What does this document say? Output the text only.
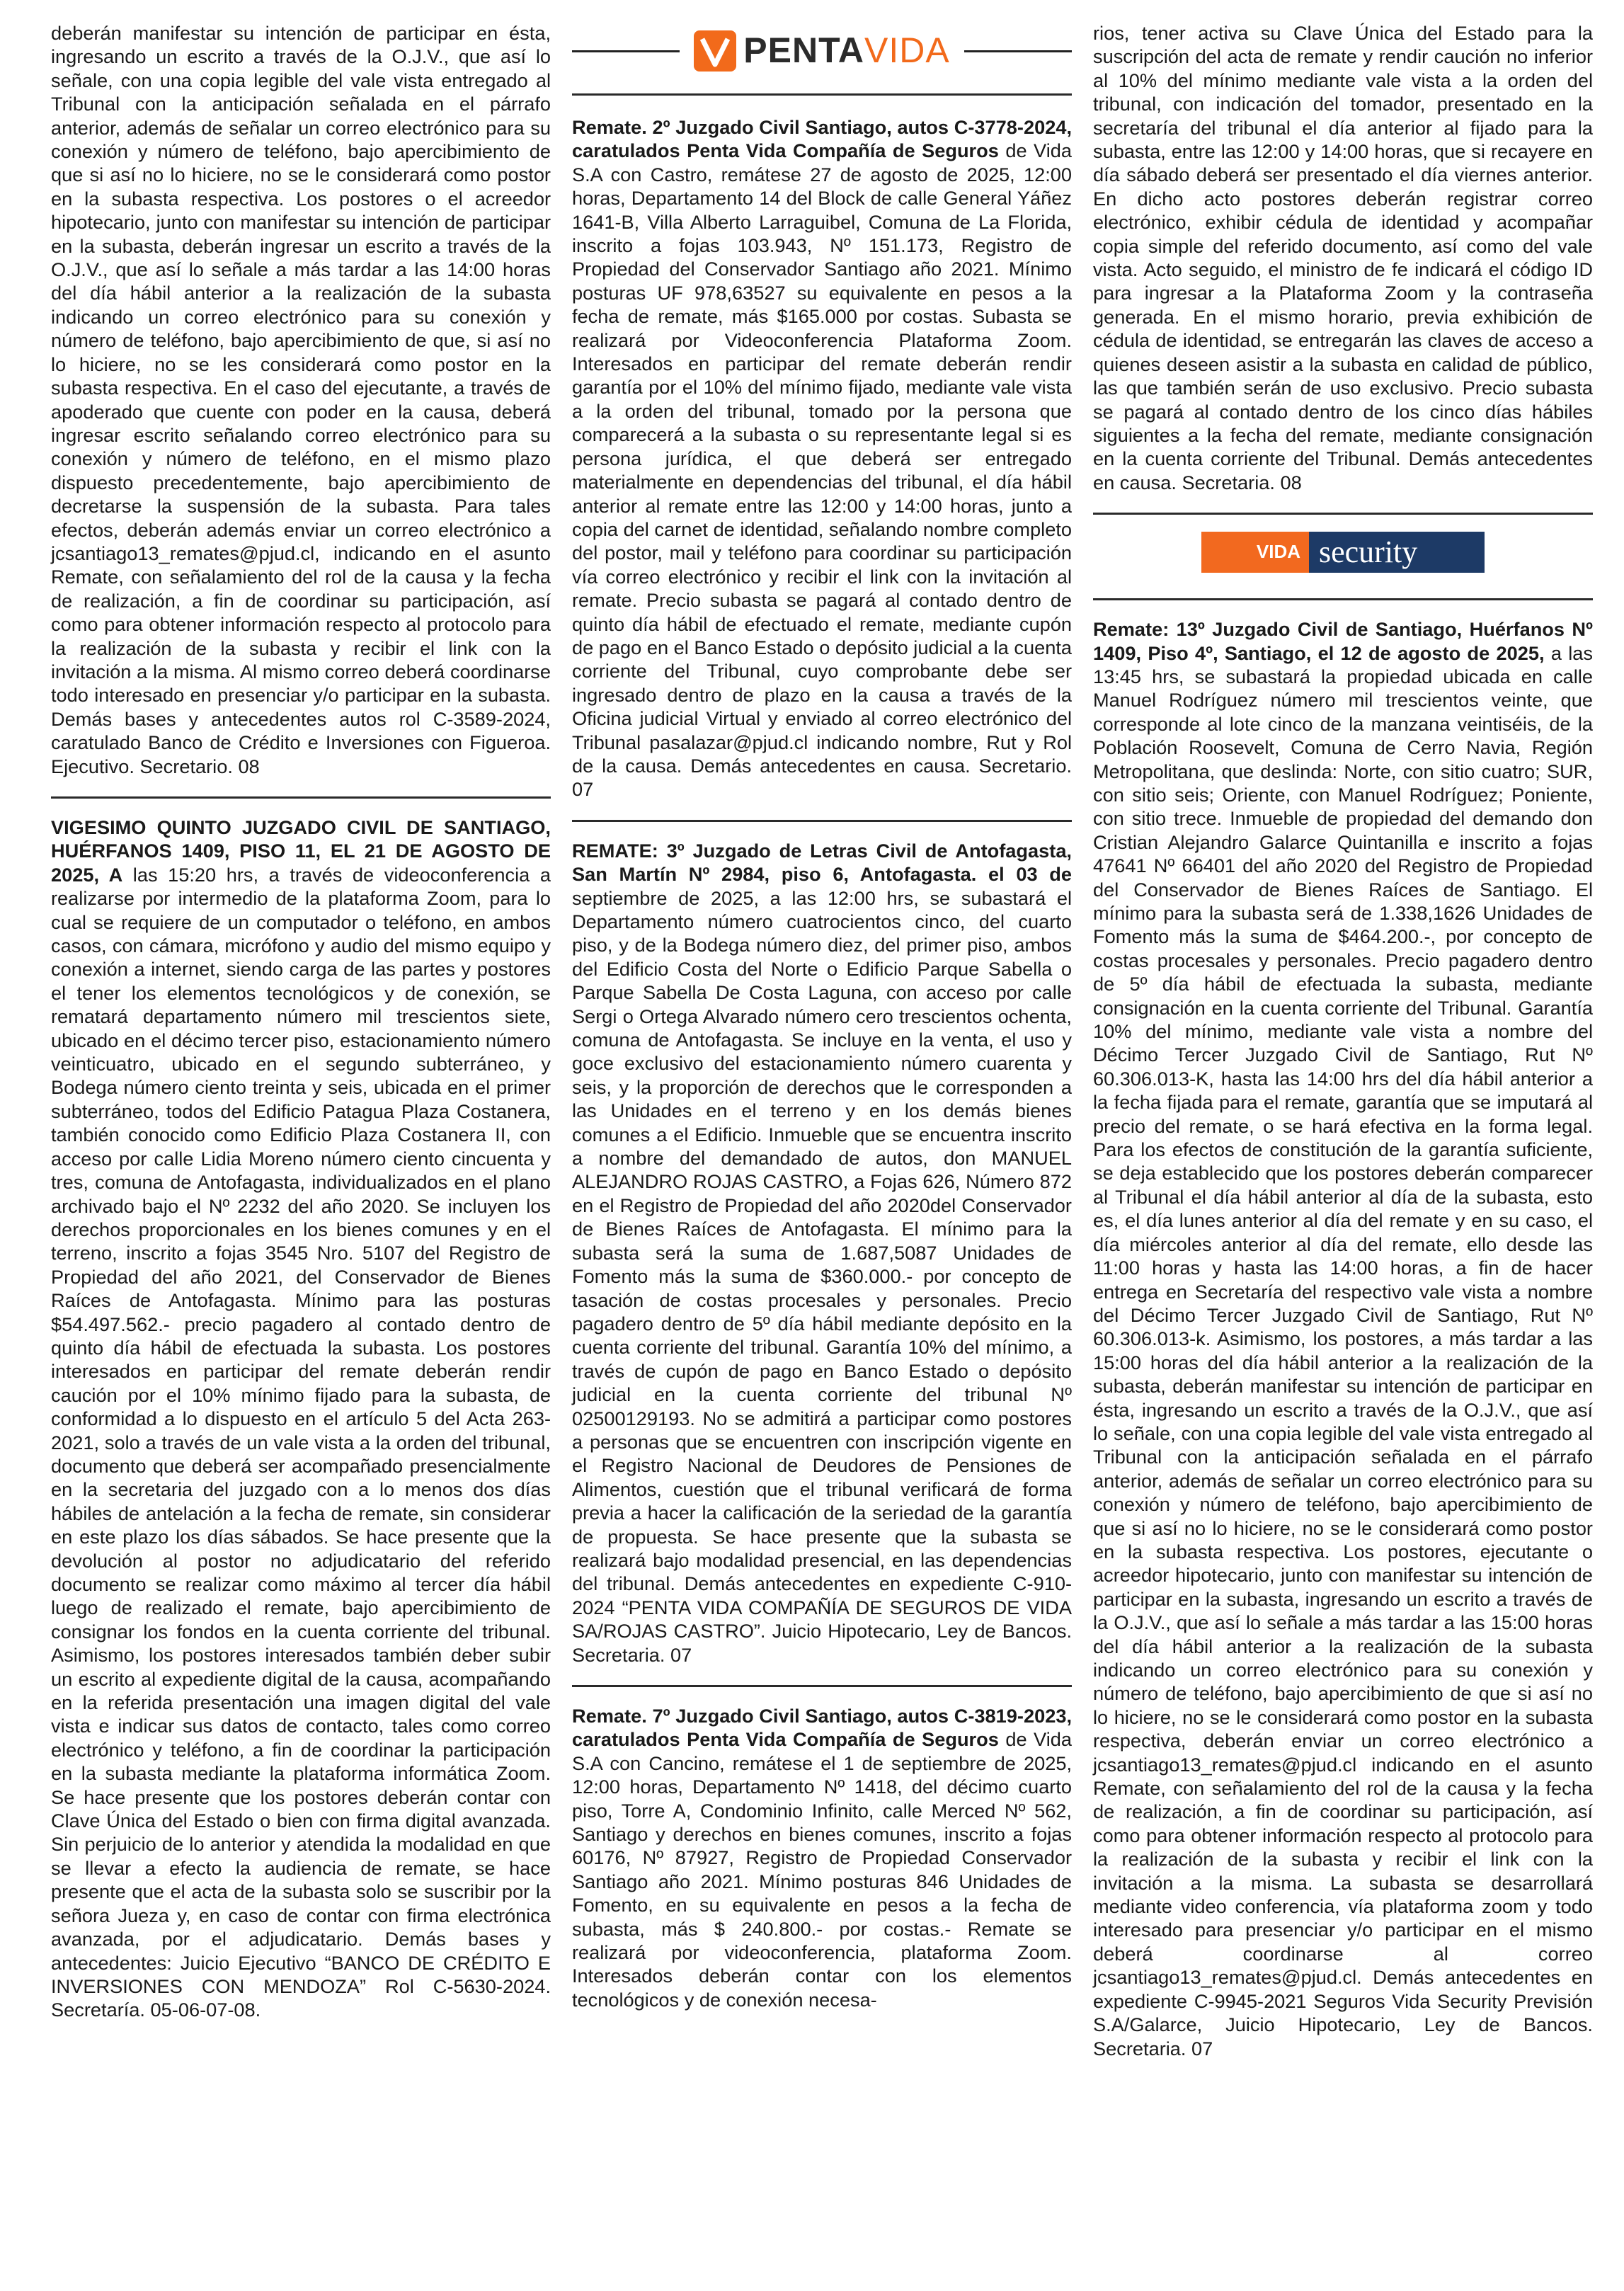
deberán manifestar su intención de participar en ésta, ingresando un escrito a través de la O.J.V., que así lo señale, con una copia legible del vale vista entregado al Tribunal con la anticipación señalada en el párrafo anterior, además de señalar un correo electrónico para su conexión y número de teléfono, bajo apercibimiento de que si así no lo hiciere, no se le considerará como postor en la subasta respectiva. Los postores o el acreedor hipotecario, junto con manifestar su intención de participar en la subasta, deberán ingresar un escrito a través de la O.J.V., que así lo señale a más tardar a las 14:00 horas del día hábil anterior a la realización de la subasta indicando un correo electrónico para su conexión y número de teléfono, bajo apercibimiento de que, si así no lo hiciere, no se les considerará como postor en la subasta respectiva. En el caso del ejecutante, a través de apoderado que cuente con poder en la causa, deberá ingresar escrito señalando correo electrónico para su conexión y número de teléfono, en el mismo plazo dispuesto precedentemente, bajo apercibimiento de decretarse la suspensión de la subasta. Para tales efectos, deberán además enviar un correo electrónico a jcsantiago13_remates@pjud.cl, indicando en el asunto Remate, con señalamiento del rol de la causa y la fecha de realización, a fin de coordinar su participación, así como para obtener información respecto al protocolo para la realización de la subasta y recibir el link con la invitación a la misma. Al mismo correo deberá coordinarse todo interesado en presenciar y/o participar en la subasta. Demás bases y antecedentes autos rol C-3589-2024, caratulado Banco de Crédito e Inversiones con Figueroa. Ejecutivo. Secretario. 08

VIGESIMO QUINTO JUZGADO CIVIL DE SANTIAGO, HUÉRFANOS 1409, PISO 11, EL 21 DE AGOSTO DE 2025, A las 15:20 hrs, a través de videoconferencia a realizarse por intermedio de la plataforma Zoom, para lo cual se requiere de un computador o teléfono, en ambos casos, con cámara, micrófono y audio del mismo equipo y conexión a internet, siendo carga de las partes y postores el tener los elementos tecnológicos y de conexión, se rematará departamento número mil trescientos siete, ubicado en el décimo tercer piso, estacionamiento número veinticuatro, ubicado en el segundo subterráneo, y Bodega número ciento treinta y seis, ubicada en el primer subterráneo, todos del Edificio Patagua Plaza Costanera, también conocido como Edificio Plaza Costanera II, con acceso por calle Lidia Moreno número ciento cincuenta y tres, comuna de Antofagasta, individualizados en el plano archivado bajo el Nº 2232 del año 2020. Se incluyen los derechos proporcionales en los bienes comunes y en el terreno, inscrito a fojas 3545 Nro. 5107 del Registro de Propiedad del año 2021, del Conservador de Bienes Raíces de Antofagasta. Mínimo para las posturas $54.497.562.- precio pagadero al contado dentro de quinto día hábil de efectuada la subasta. Los postores interesados en participar del remate deberán rendir caución por el 10% mínimo fijado para la subasta, de conformidad a lo dispuesto en el artículo 5 del Acta 263-2021, solo a través de un vale vista a la orden del tribunal, documento que deberá ser acompañado presencialmente en la secretaria del juzgado con a lo menos dos días hábiles de antelación a la fecha de remate, sin considerar en este plazo los días sábados. Se hace presente que la devolución al postor no adjudicatario del referido documento se realizar como máximo al tercer día hábil luego de realizado el remate, bajo apercibimiento de consignar los fondos en la cuenta corriente del tribunal. Asimismo, los postores interesados también deber subir un escrito al expediente digital de la causa, acompañando en la referida presentación una imagen digital del vale vista e indicar sus datos de contacto, tales como correo electrónico y teléfono, a fin de coordinar la participación en la subasta mediante la plataforma informática Zoom. Se hace presente que los postores deberán contar con Clave Única del Estado o bien con firma digital avanzada. Sin perjuicio de lo anterior y atendida la modalidad en que se llevar a efecto la audiencia de remate, se hace presente que el acta de la subasta solo se suscribir por la señora Jueza y, en caso de contar con firma electrónica avanzada, por el adjudicatario. Demás bases y antecedentes: Juicio Ejecutivo “BANCO DE CRÉDITO E INVERSIONES CON MENDOZA” Rol C-5630-2024. Secretaría. 05-06-07-08.

PENTAVIDA

Remate. 2º Juzgado Civil Santiago, autos C-3778-2024, caratulados Penta Vida Compañía de Seguros de Vida S.A con Castro, remátese 27 de agosto de 2025, 12:00 horas, Departamento 14 del Block de calle General Yáñez 1641-B, Villa Alberto Larraguibel, Comuna de La Florida, inscrito a fojas 103.943, Nº 151.173, Registro de Propiedad del Conservador Santiago año 2021. Mínimo posturas UF 978,63527 su equivalente en pesos a la fecha de remate, más $165.000 por costas. Subasta se realizará por Videoconferencia Plataforma Zoom. Interesados en participar del remate deberán rendir garantía por el 10% del mínimo fijado, mediante vale vista a la orden del tribunal, tomado por la persona que comparecerá a la subasta o su representante legal si es persona jurídica, el que deberá ser entregado materialmente en dependencias del tribunal, el día hábil anterior al remate entre las 12:00 y 14:00 horas, junto a copia del carnet de identidad, señalando nombre completo del postor, mail y teléfono para coordinar su participación vía correo electrónico y recibir el link con la invitación al remate. Precio subasta se pagará al contado dentro de quinto día hábil de efectuado el remate, mediante cupón de pago en el Banco Estado o depósito judicial a la cuenta corriente del Tribunal, cuyo comprobante debe ser ingresado dentro de plazo en la causa a través de la Oficina judicial Virtual y enviado al correo electrónico del Tribunal pasalazar@pjud.cl indicando nombre, Rut y Rol de la causa. Demás antecedentes en causa. Secretario. 07

REMATE: 3º Juzgado de Letras Civil de Antofagasta, San Martín Nº 2984, piso 6, Antofagasta. el 03 de septiembre de 2025, a las 12:00 hrs, se subastará el Departamento número cuatrocientos cinco, del cuarto piso, y de la Bodega número diez, del primer piso, ambos del Edificio Costa del Norte o Edificio Parque Sabella o Parque Sabella De Costa Laguna, con acceso por calle Sergi o Ortega Alvarado número cero trescientos ochenta, comuna de Antofagasta. Se incluye en la venta, el uso y goce exclusivo del estacionamiento número cuarenta y seis, y la proporción de derechos que le corresponden a las Unidades en el terreno y en los demás bienes comunes a el Edificio. Inmueble que se encuentra inscrito a nombre del demandado de autos, don MANUEL ALEJANDRO ROJAS CASTRO, a Fojas 626, Número 872 en el Registro de Propiedad del año 2020del Conservador de Bienes Raíces de Antofagasta. El mínimo para la subasta será la suma de 1.687,5087 Unidades de Fomento más la suma de $360.000.- por concepto de tasación de costas procesales y personales. Precio pagadero dentro de 5º día hábil mediante depósito en la cuenta corriente del tribunal. Garantía 10% del mínimo, a través de cupón de pago en Banco Estado o depósito judicial en la cuenta corriente del tribunal Nº 02500129193. No se admitirá a participar como postores a personas que se encuentren con inscripción vigente en el Registro Nacional de Deudores de Pensiones de Alimentos, cuestión que el tribunal verificará de forma previa a hacer la calificación de la seriedad de la garantía de propuesta. Se hace presente que la subasta se realizará bajo modalidad presencial, en las dependencias del tribunal. Demás antecedentes en expediente C-910-2024 “PENTA VIDA COMPAÑÍA DE SEGUROS DE VIDA SA/ROJAS CASTRO”. Juicio Hipotecario, Ley de Bancos. Secretaria. 07

Remate. 7º Juzgado Civil Santiago, autos C-3819-2023, caratulados Penta Vida Compañía de Seguros de Vida S.A con Cancino, remátese el 1 de septiembre de 2025, 12:00 horas, Departamento Nº 1418, del décimo cuarto piso, Torre A, Condominio Infinito, calle Merced Nº 562, Santiago y derechos en bienes comunes, inscrito a fojas 60176, Nº 87927, Registro de Propiedad Conservador Santiago año 2021. Mínimo posturas 846 Unidades de Fomento, en su equivalente en pesos a la fecha de subasta, más $ 240.800.- por costas.- Remate se realizará por videoconferencia, plataforma Zoom. Interesados deberán contar con los elementos tecnológicos y de conexión necesa-

rios, tener activa su Clave Única del Estado para la suscripción del acta de remate y rendir caución no inferior al 10% del mínimo mediante vale vista a la orden del tribunal, con indicación del tomador, presentado en la secretaría del tribunal el día anterior al fijado para la subasta, entre las 12:00 y 14:00 horas, que si recayere en día sábado deberá ser presentado el día viernes anterior. En dicho acto postores deberán registrar correo electrónico, exhibir cédula de identidad y acompañar copia simple del referido documento, así como del vale vista. Acto seguido, el ministro de fe indicará el código ID para ingresar a la Plataforma Zoom y la contraseña generada. En el mismo horario, previa exhibición de cédula de identidad, se entregarán las claves de acceso a quienes deseen asistir a la subasta en calidad de público, las que también serán de uso exclusivo. Precio subasta se pagará al contado dentro de los cinco días hábiles siguientes a la fecha del remate, mediante consignación en la cuenta corriente del Tribunal. Demás antecedentes en causa. Secretaria. 08

VIDA security

Remate: 13º Juzgado Civil de Santiago, Huérfanos Nº 1409, Piso 4º, Santiago, el 12 de agosto de 2025, a las 13:45 hrs, se subastará la propiedad ubicada en calle Manuel Rodríguez número mil trescientos veinte, que corresponde al lote cinco de la manzana veintiséis, de la Población Roosevelt, Comuna de Cerro Navia, Región Metropolitana, que deslinda: Norte, con sitio cuatro; SUR, con sitio seis; Oriente, con Manuel Rodríguez; Poniente, con sitio trece. Inmueble de propiedad del demando don Cristian Alejandro Galarce Quintanilla e inscrito a fojas 47641 Nº 66401 del año 2020 del Registro de Propiedad del Conservador de Bienes Raíces de Santiago. El mínimo para la subasta será de 1.338,1626 Unidades de Fomento más la suma de $464.200.-, por concepto de costas procesales y personales. Precio pagadero dentro de 5º día hábil de efectuada la subasta, mediante consignación en la cuenta corriente del Tribunal. Garantía 10% del mínimo, mediante vale vista a nombre del Décimo Tercer Juzgado Civil de Santiago, Rut Nº 60.306.013-K, hasta las 14:00 hrs del día hábil anterior a la fecha fijada para el remate, garantía que se imputará al precio del remate, o se hará efectiva en la forma legal. Para los efectos de constitución de la garantía suficiente, se deja establecido que los postores deberán comparecer al Tribunal el día hábil anterior al día de la subasta, esto es, el día lunes anterior al día del remate y en su caso, el día miércoles anterior al día del remate, ello desde las 11:00 horas y hasta las 14:00 horas, a fin de hacer entrega en Secretaría del respectivo vale vista a nombre del Décimo Tercer Juzgado Civil de Santiago, Rut Nº 60.306.013-k. Asimismo, los postores, a más tardar a las 15:00 horas del día hábil anterior a la realización de la subasta, deberán manifestar su intención de participar en ésta, ingresando un escrito a través de la O.J.V., que así lo señale, con una copia legible del vale vista entregado al Tribunal con la anticipación señalada en el párrafo anterior, además de señalar un correo electrónico para su conexión y número de teléfono, bajo apercibimiento de que si así no lo hiciere, no se le considerará como postor en la subasta respectiva. Los postores, ejecutante o acreedor hipotecario, junto con manifestar su intención de participar en la subasta, ingresando un escrito a través de la O.J.V., que así lo señale a más tardar a las 15:00 horas del día hábil anterior a la realización de la subasta indicando un correo electrónico para su conexión y número de teléfono, bajo apercibimiento de que si así no lo hiciere, no se le considerará como postor en la subasta respectiva, deberán enviar un correo electrónico a jcsantiago13_remates@pjud.cl indicando en el asunto Remate, con señalamiento del rol de la causa y la fecha de realización, a fin de coordinar su participación, así como para obtener información respecto al protocolo para la realización de la subasta y recibir el link con la invitación a la misma. La subasta se desarrollará mediante video conferencia, vía plataforma zoom y todo interesado para presenciar y/o participar en el mismo deberá coordinarse al correo jcsantiago13_remates@pjud.cl. Demás antecedentes en expediente C-9945-2021 Seguros Vida Security Previsión S.A/Galarce, Juicio Hipotecario, Ley de Bancos. Secretaria. 07
